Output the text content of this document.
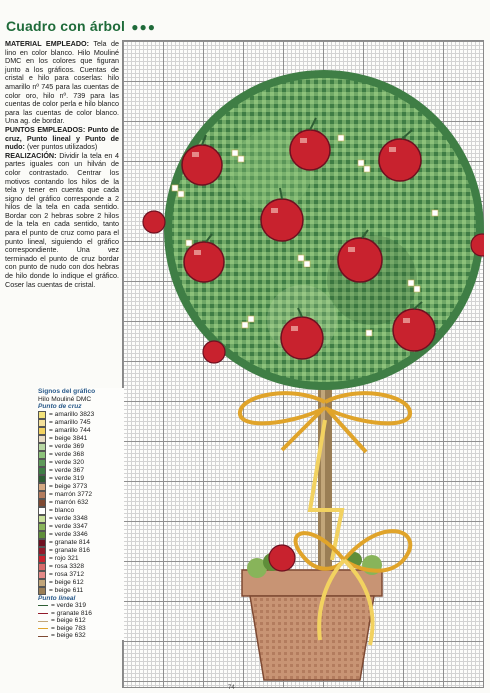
Cuadro con árbol ●●●

MATERIAL EMPLEADO: Tela de lino en color blanco. Hilo Mouliné DMC en los colores que figuran junto a los gráficos. Cuentas de cristal e hilo para coserlas: hilo amarillo nº 745 para las cuentas de color oro, hilo nº. 739 para las cuentas de color perla e hilo blanco para las cuentas de color blanco. Una ag. de bordar.

PUNTOS EMPLEADOS: Punto de cruz, Punto lineal y Punto de nudo: (ver puntos utilizados)

REALIZACIÓN: Dividir la tela en 4 partes iguales con un hilván de color contrastado. Centrar los motivos contando los hilos de la tela y tener en cuenta que cada signo del gráfico corresponde a 2 hilos de la tela en cada sentido. Bordar con 2 hebras sobre 2 hilos de la tela en cada sentido, tanto para el punto de cruz como para el punto lineal, siguiendo el gráfico correspondiente. Una vez terminado el punto de cruz bordar con punto de nudo con dos hebras de hilo donde lo indique el gráfico. Coser las cuentas de cristal.

Signos del gráfico
Hilo Mouliné DMC
Punto de cruz
= amarillo 3823
= amarillo 745
= amarillo 744
= beige 3841
= verde 369
= verde 368
= verde 320
= verde 367
= verde 319
= beige 3773
= marrón 3772
= marrón 632
= blanco
= verde 3348
= verde 3347
= verde 3346
= granate 814
= granate 816
= rojo 321
= rosa 3328
= rosa 3712
= beige 612
= beige 611
Punto lineal
= verde 319
= granate 816
= beige 612
= beige 783
= beige 632
74
